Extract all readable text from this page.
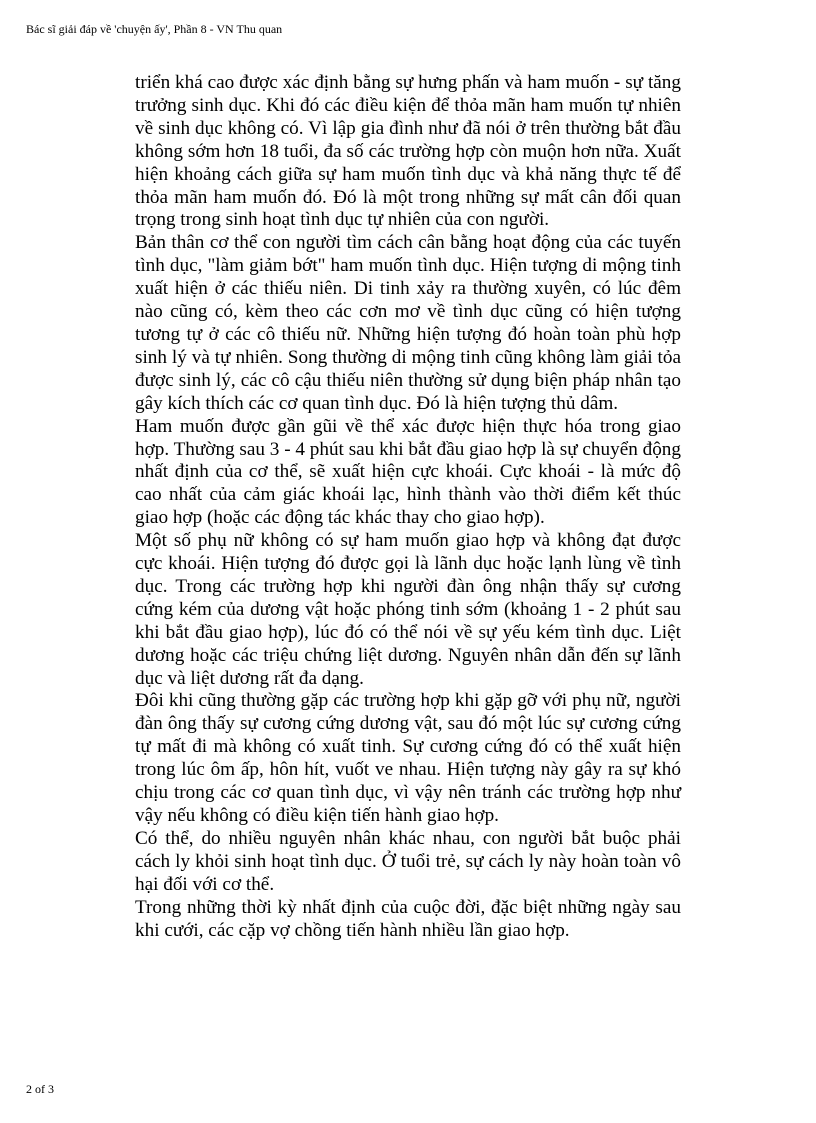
Bác sĩ giải đáp về 'chuyện ấy', Phần 8 - VN Thu quan

triển khá cao được xác định bằng sự hưng phấn và ham muốn - sự tăng trưởng sinh dục. Khi đó các điều kiện để thỏa mãn ham muốn tự nhiên về sinh dục không có. Vì lập gia đình như đã nói ở trên thường bắt đầu không sớm hơn 18 tuổi, đa số các trường hợp còn muộn hơn nữa. Xuất hiện khoảng cách giữa sự ham muốn tình dục và khả năng thực tế để thỏa mãn ham muốn đó. Đó là một trong những sự mất cân đối quan trọng trong sinh hoạt tình dục tự nhiên của con người.

Bản thân cơ thể con người tìm cách cân bằng hoạt động của các tuyến tình dục, "làm giảm bớt" ham muốn tình dục. Hiện tượng di mộng tinh xuất hiện ở các thiếu niên. Di tinh xảy ra thường xuyên, có lúc đêm nào cũng có, kèm theo các cơn mơ về tình dục cũng có hiện tượng tương tự ở các cô thiếu nữ. Những hiện tượng đó hoàn toàn phù hợp sinh lý và tự nhiên. Song thường di mộng tinh cũng không làm giải tỏa được sinh lý, các cô cậu thiếu niên thường sử dụng biện pháp nhân tạo gây kích thích các cơ quan tình dục. Đó là hiện tượng thủ dâm.

Ham muốn được gần gũi về thể xác được hiện thực hóa trong giao hợp. Thường sau 3 - 4 phút sau khi bắt đầu giao hợp là sự chuyển động nhất định của cơ thể, sẽ xuất hiện cực khoái. Cực khoái - là mức độ cao nhất của cảm giác khoái lạc, hình thành vào thời điểm kết thúc giao hợp (hoặc các động tác khác thay cho giao hợp).

Một số phụ nữ không có sự ham muốn giao hợp và không đạt được cực khoái. Hiện tượng đó được gọi là lãnh dục hoặc lạnh lùng về tình dục. Trong các trường hợp khi người đàn ông nhận thấy sự cương cứng kém của dương vật hoặc phóng tinh sớm (khoảng 1 - 2 phút sau khi bắt đầu giao hợp), lúc đó có thể nói về sự yếu kém tình dục. Liệt dương hoặc các triệu chứng liệt dương. Nguyên nhân dẫn đến sự lãnh dục và liệt dương rất đa dạng.

Đôi khi cũng thường gặp các trường hợp khi gặp gỡ với phụ nữ, người đàn ông thấy sự cương cứng dương vật, sau đó một lúc sự cương cứng tự mất đi mà không có xuất tinh. Sự cương cứng đó có thể xuất hiện trong lúc ôm ấp, hôn hít, vuốt ve nhau. Hiện tượng này gây ra sự khó chịu trong các cơ quan tình dục, vì vậy nên tránh các trường hợp như vậy nếu không có điều kiện tiến hành giao hợp.

Có thể, do nhiều nguyên nhân khác nhau, con người bắt buộc phải cách ly khỏi sinh hoạt tình dục. Ở tuổi trẻ, sự cách ly này hoàn toàn vô hại đối với cơ thể.

Trong những thời kỳ nhất định của cuộc đời, đặc biệt những ngày sau khi cưới, các cặp vợ chồng tiến hành nhiều lần giao hợp.

2 of 3
